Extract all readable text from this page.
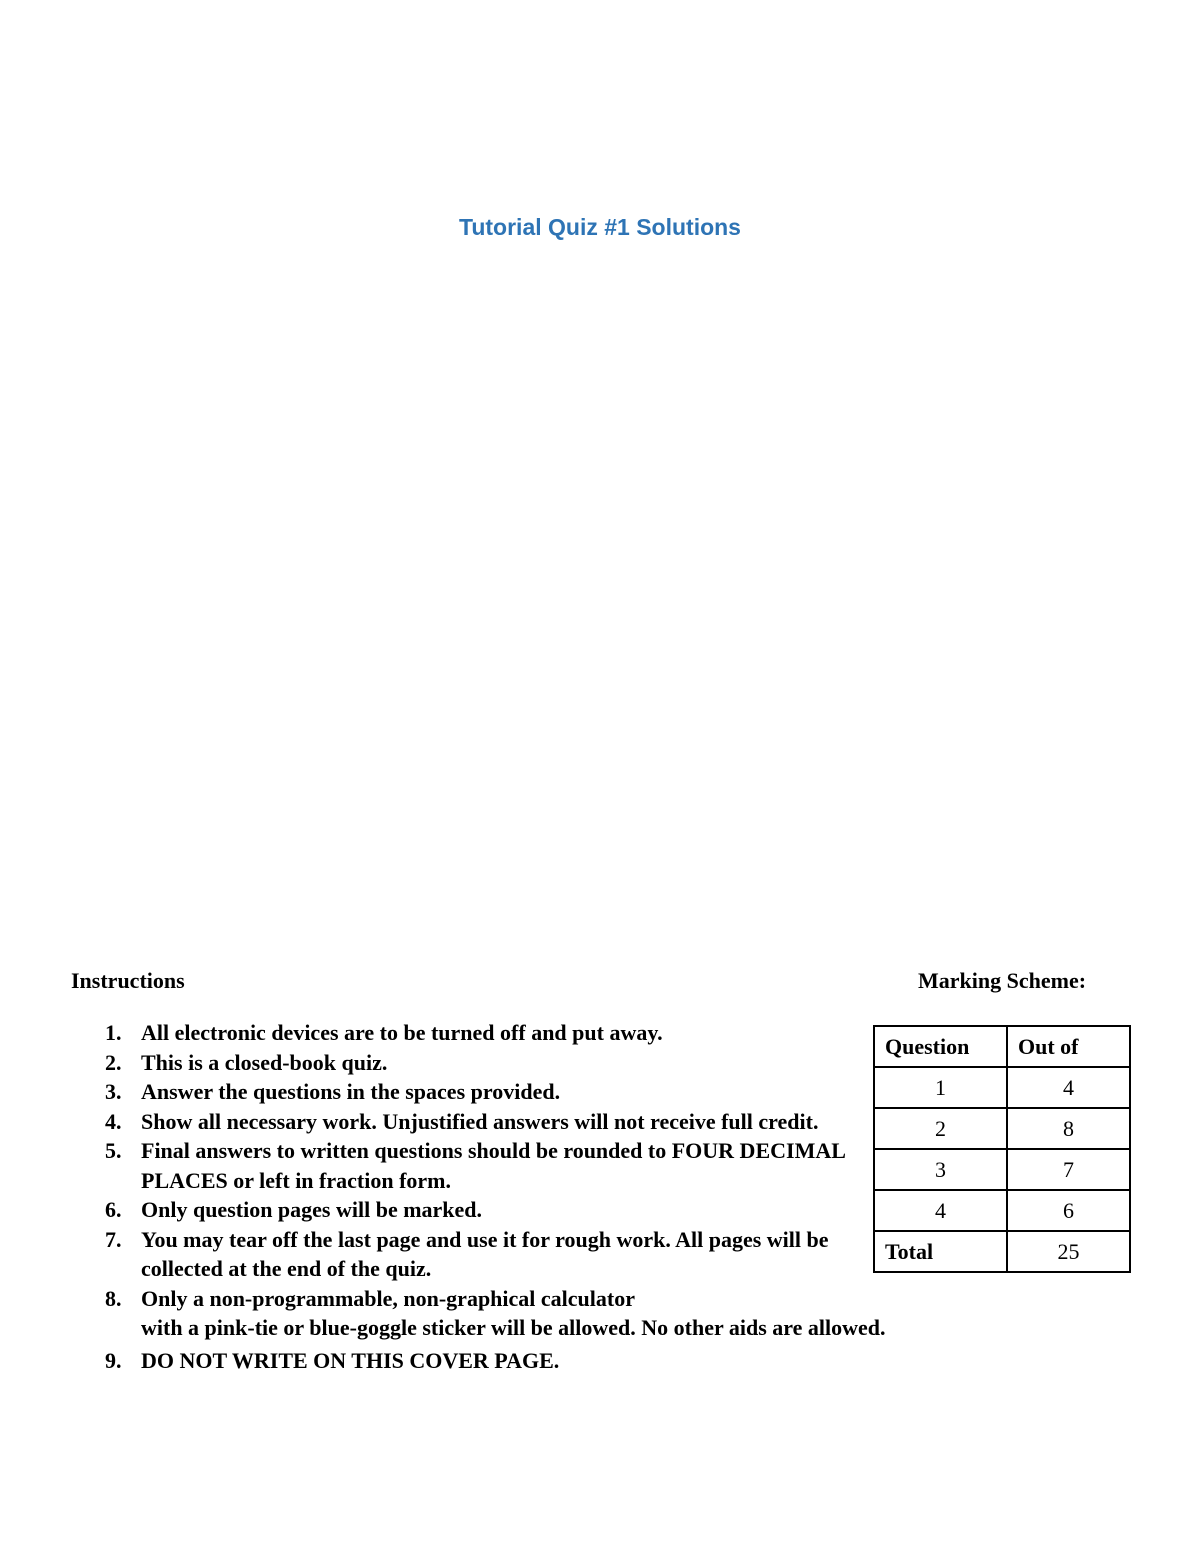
Tutorial Quiz #1 Solutions
Instructions	Marking Scheme:
1. All electronic devices are to be turned off and put away.
2. This is a closed-book quiz.
3. Answer the questions in the spaces provided.
4. Show all necessary work. Unjustified answers will not receive full credit.
5. Final answers to written questions should be rounded to FOUR DECIMAL PLACES or left in fraction form.
6. Only question pages will be marked.
7. You may tear off the last page and use it for rough work. All pages will be collected at the end of the quiz.
8. Only a non-programmable, non-graphical calculator
with a pink-tie or blue-goggle sticker will be allowed. No other aids are allowed.
9. DO NOT WRITE ON THIS COVER PAGE.
Question	Out of
1	4
2	8
3	7
4	6
Total	25
